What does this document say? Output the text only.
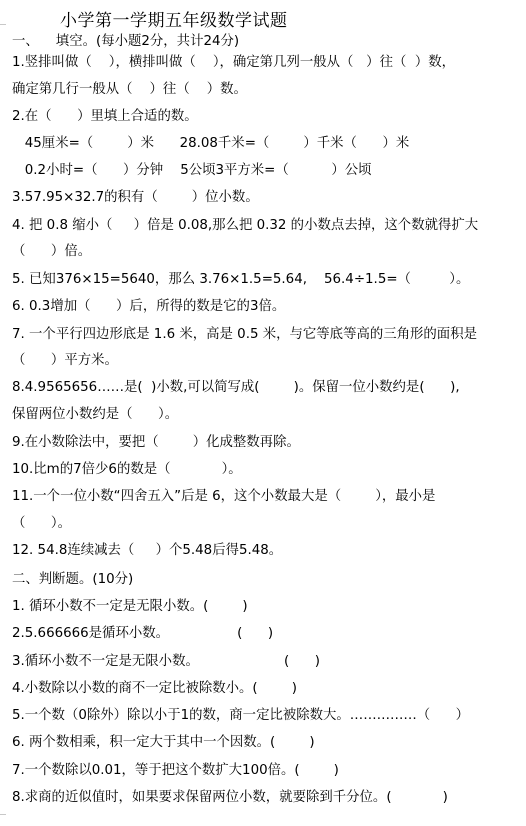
小学第一学期五年级数学试题
一、    填空。(每小题2分，共计24分)
1.竖排叫做（    ），横排叫做（    ），确定第几列一般从（   ）往（  ）数，
确定第几行一般从（    ）往（    ）数。
2.在（      ）里填上合适的数。
45厘米=（        ）米      28.08千米=（        ）千米（      ）米
0.2小时=（      ）分钟    5公顷3平方米=（          ）公顷
3.57.95×32.7的积有（        ）位小数。
4. 把 0.8 缩小（     ）倍是 0.08,那么把 0.32 的小数点去掉，这个数就得扩大
（      ）倍。
5. 已知376×15=5640，那么 3.76×1.5=5.64,    56.4÷1.5=（         ）。
6. 0.3增加（      ）后，所得的数是它的3倍。
7. 一个平行四边形底是 1.6 米，高是 0.5 米，与它等底等高的三角形的面积是
（      ）平方米。
8.4.9565656……是(  )小数,可以简写成(        )。保留一位小数约是(      ),
保留两位小数约是（      ）。
9.在小数除法中，要把（        ）化成整数再除。
10.比m的7倍少6的数是（            ）。
11.一个一位小数“四舍五入”后是 6，这个小数最大是（        ），最小是
（      ）。
12. 54.8连续减去（     ）个5.48后得5.48。
二、判断题。(10分)
1. 循环小数不一定是无限小数。(        )
2.5.666666是循环小数。                (      )
3.循环小数不一定是无限小数。                    (      )
4.小数除以小数的商不一定比被除数小。(        )
5.一个数（0除外）除以小于1的数，商一定比被除数大。……………（      ）
6. 两个数相乘，积一定大于其中一个因数。(        )
7.一个数除以0.01，等于把这个数扩大100倍。(        )
8.求商的近似值时，如果要求保留两位小数，就要除到千分位。(            )
